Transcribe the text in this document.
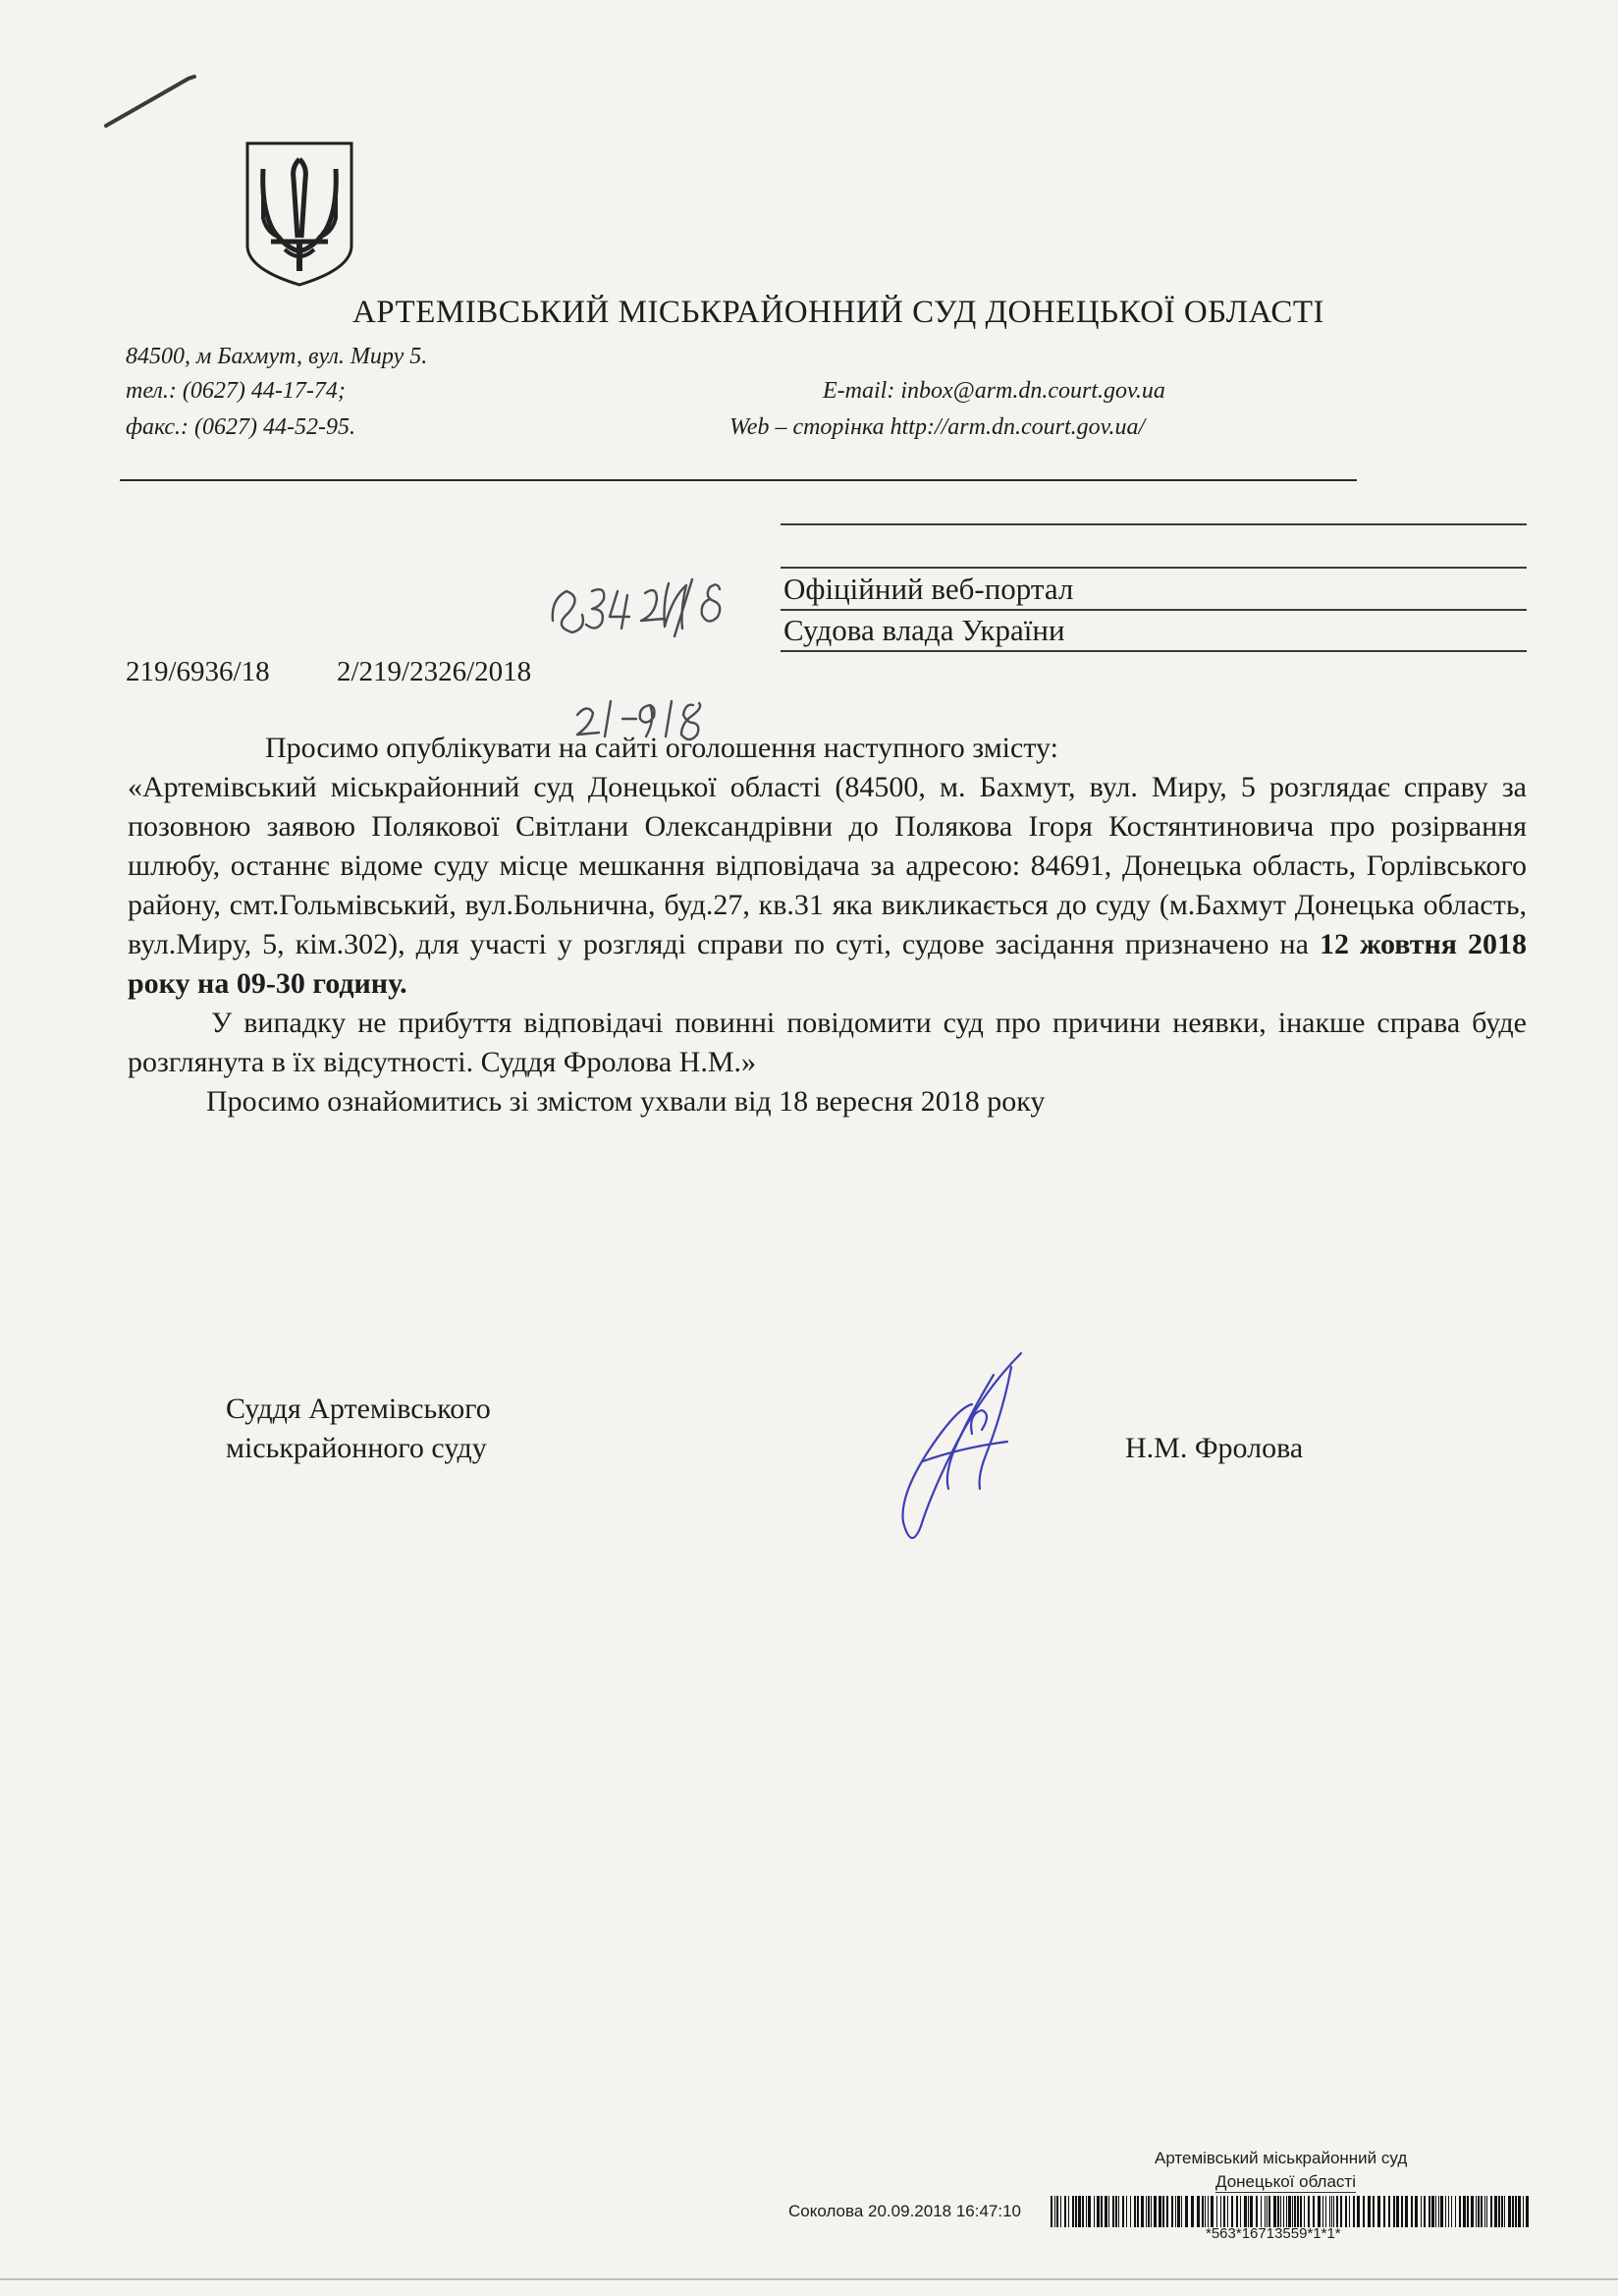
АРТЕМІВСЬКИЙ МІСЬКРАЙОННИЙ СУД ДОНЕЦЬКОЇ ОБЛАСТІ
84500, м Бахмут, вул. Миру 5.
тел.: (0627) 44-17-74;
факс.: (0627) 44-52-95.
E-mail: inbox@arm.dn.court.gov.ua
Web – сторінка http://arm.dn.court.gov.ua/
Офіційний веб-портал
Судова влада України
219/6936/18 2/219/2326/2018

Просимо опублікувати на сайті оголошення наступного змісту:

«Артемівський міськрайонний суд Донецької області (84500, м. Бахмут, вул. Миру, 5 розглядає справу за позовною заявою Полякової Світлани Олександрівни до Полякова Ігоря Костянтиновича про розірвання шлюбу, останнє відоме суду місце мешкання відповідача за адресою: 84691, Донецька область, Горлівського району, смт.Гольмівський, вул.Больнична, буд.27, кв.31 яка викликається до суду (м.Бахмут Донецька область, вул.Миру, 5, кім.302), для участі у розгляді справи по суті, судове засідання призначено на 12 жовтня 2018 року на 09-30 годину.

У випадку не прибуття відповідачі повинні повідомити суд про причини неявки, інакше справа буде розглянута в їх відсутності. Суддя Фролова Н.М.»

Просимо ознайомитись зі змістом ухвали від 18 вересня 2018 року

Суддя Артемівського
міськрайонного суду	Н.М. Фролова
Артемівський міськрайонний суд
Донецької області
Соколова 20.09.2018 16:47:10
*563*16713559*1*1*
